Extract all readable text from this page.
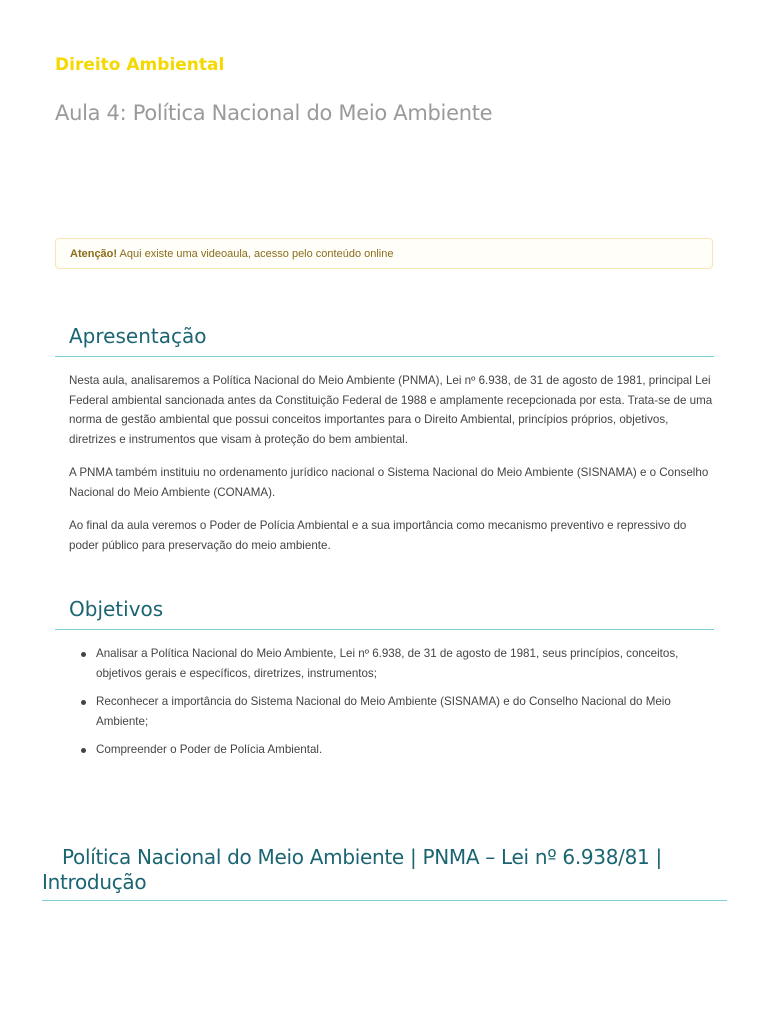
Direito Ambiental
Aula 4: Política Nacional do Meio Ambiente
Atenção! Aqui existe uma videoaula, acesso pelo conteúdo online
Apresentação

Nesta aula, analisaremos a Política Nacional do Meio Ambiente (PNMA), Lei nº 6.938, de 31 de agosto de 1981, principal Lei Federal ambiental sancionada antes da Constituição Federal de 1988 e amplamente recepcionada por esta. Trata-se de uma norma de gestão ambiental que possui conceitos importantes para o Direito Ambiental, princípios próprios, objetivos, diretrizes e instrumentos que visam à proteção do bem ambiental.

A PNMA também instituiu no ordenamento jurídico nacional o Sistema Nacional do Meio Ambiente (SISNAMA) e o Conselho Nacional do Meio Ambiente (CONAMA).

Ao final da aula veremos o Poder de Polícia Ambiental e a sua importância como mecanismo preventivo e repressivo do poder público para preservação do meio ambiente.

Objetivos
Analisar a Política Nacional do Meio Ambiente, Lei nº 6.938, de 31 de agosto de 1981, seus princípios, conceitos, objetivos gerais e específicos, diretrizes, instrumentos;
Reconhecer a importância do Sistema Nacional do Meio Ambiente (SISNAMA) e do Conselho Nacional do Meio Ambiente;
Compreender o Poder de Polícia Ambiental.
Política Nacional do Meio Ambiente | PNMA – Lei nº 6.938/81 | Introdução
